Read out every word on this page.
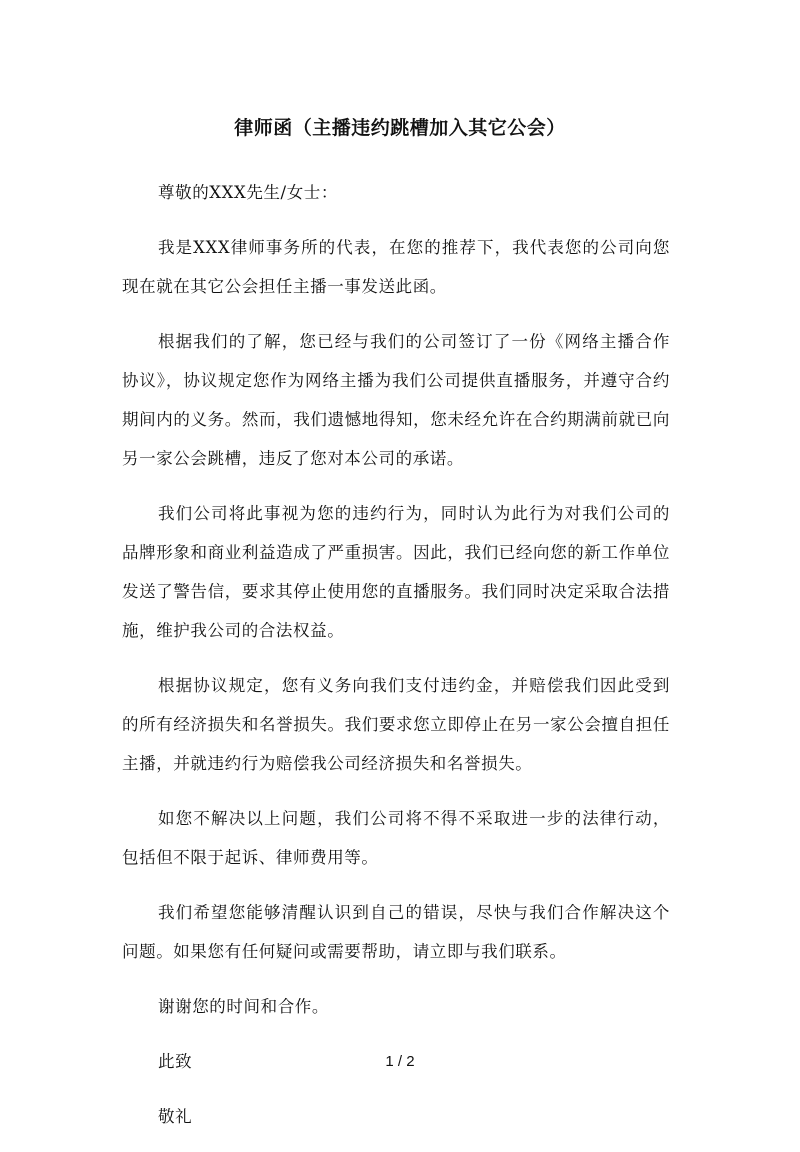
律师函（主播违约跳槽加入其它公会）

尊敬的XXX先生/女士：

我是XXX律师事务所的代表，在您的推荐下，我代表您的公司向您现在就在其它公会担任主播一事发送此函。

根据我们的了解，您已经与我们的公司签订了一份《网络主播合作协议》，协议规定您作为网络主播为我们公司提供直播服务，并遵守合约期间内的义务。然而，我们遗憾地得知，您未经允许在合约期满前就已向另一家公会跳槽，违反了您对本公司的承诺。

我们公司将此事视为您的违约行为，同时认为此行为对我们公司的品牌形象和商业利益造成了严重损害。因此，我们已经向您的新工作单位发送了警告信，要求其停止使用您的直播服务。我们同时决定采取合法措施，维护我公司的合法权益。

根据协议规定，您有义务向我们支付违约金，并赔偿我们因此受到的所有经济损失和名誉损失。我们要求您立即停止在另一家公会擅自担任主播，并就违约行为赔偿我公司经济损失和名誉损失。

如您不解决以上问题，我们公司将不得不采取进一步的法律行动，包括但不限于起诉、律师费用等。

我们希望您能够清醒认识到自己的错误，尽快与我们合作解决这个问题。如果您有任何疑问或需要帮助，请立即与我们联系。

谢谢您的时间和合作。

此致

敬礼

1 / 2
